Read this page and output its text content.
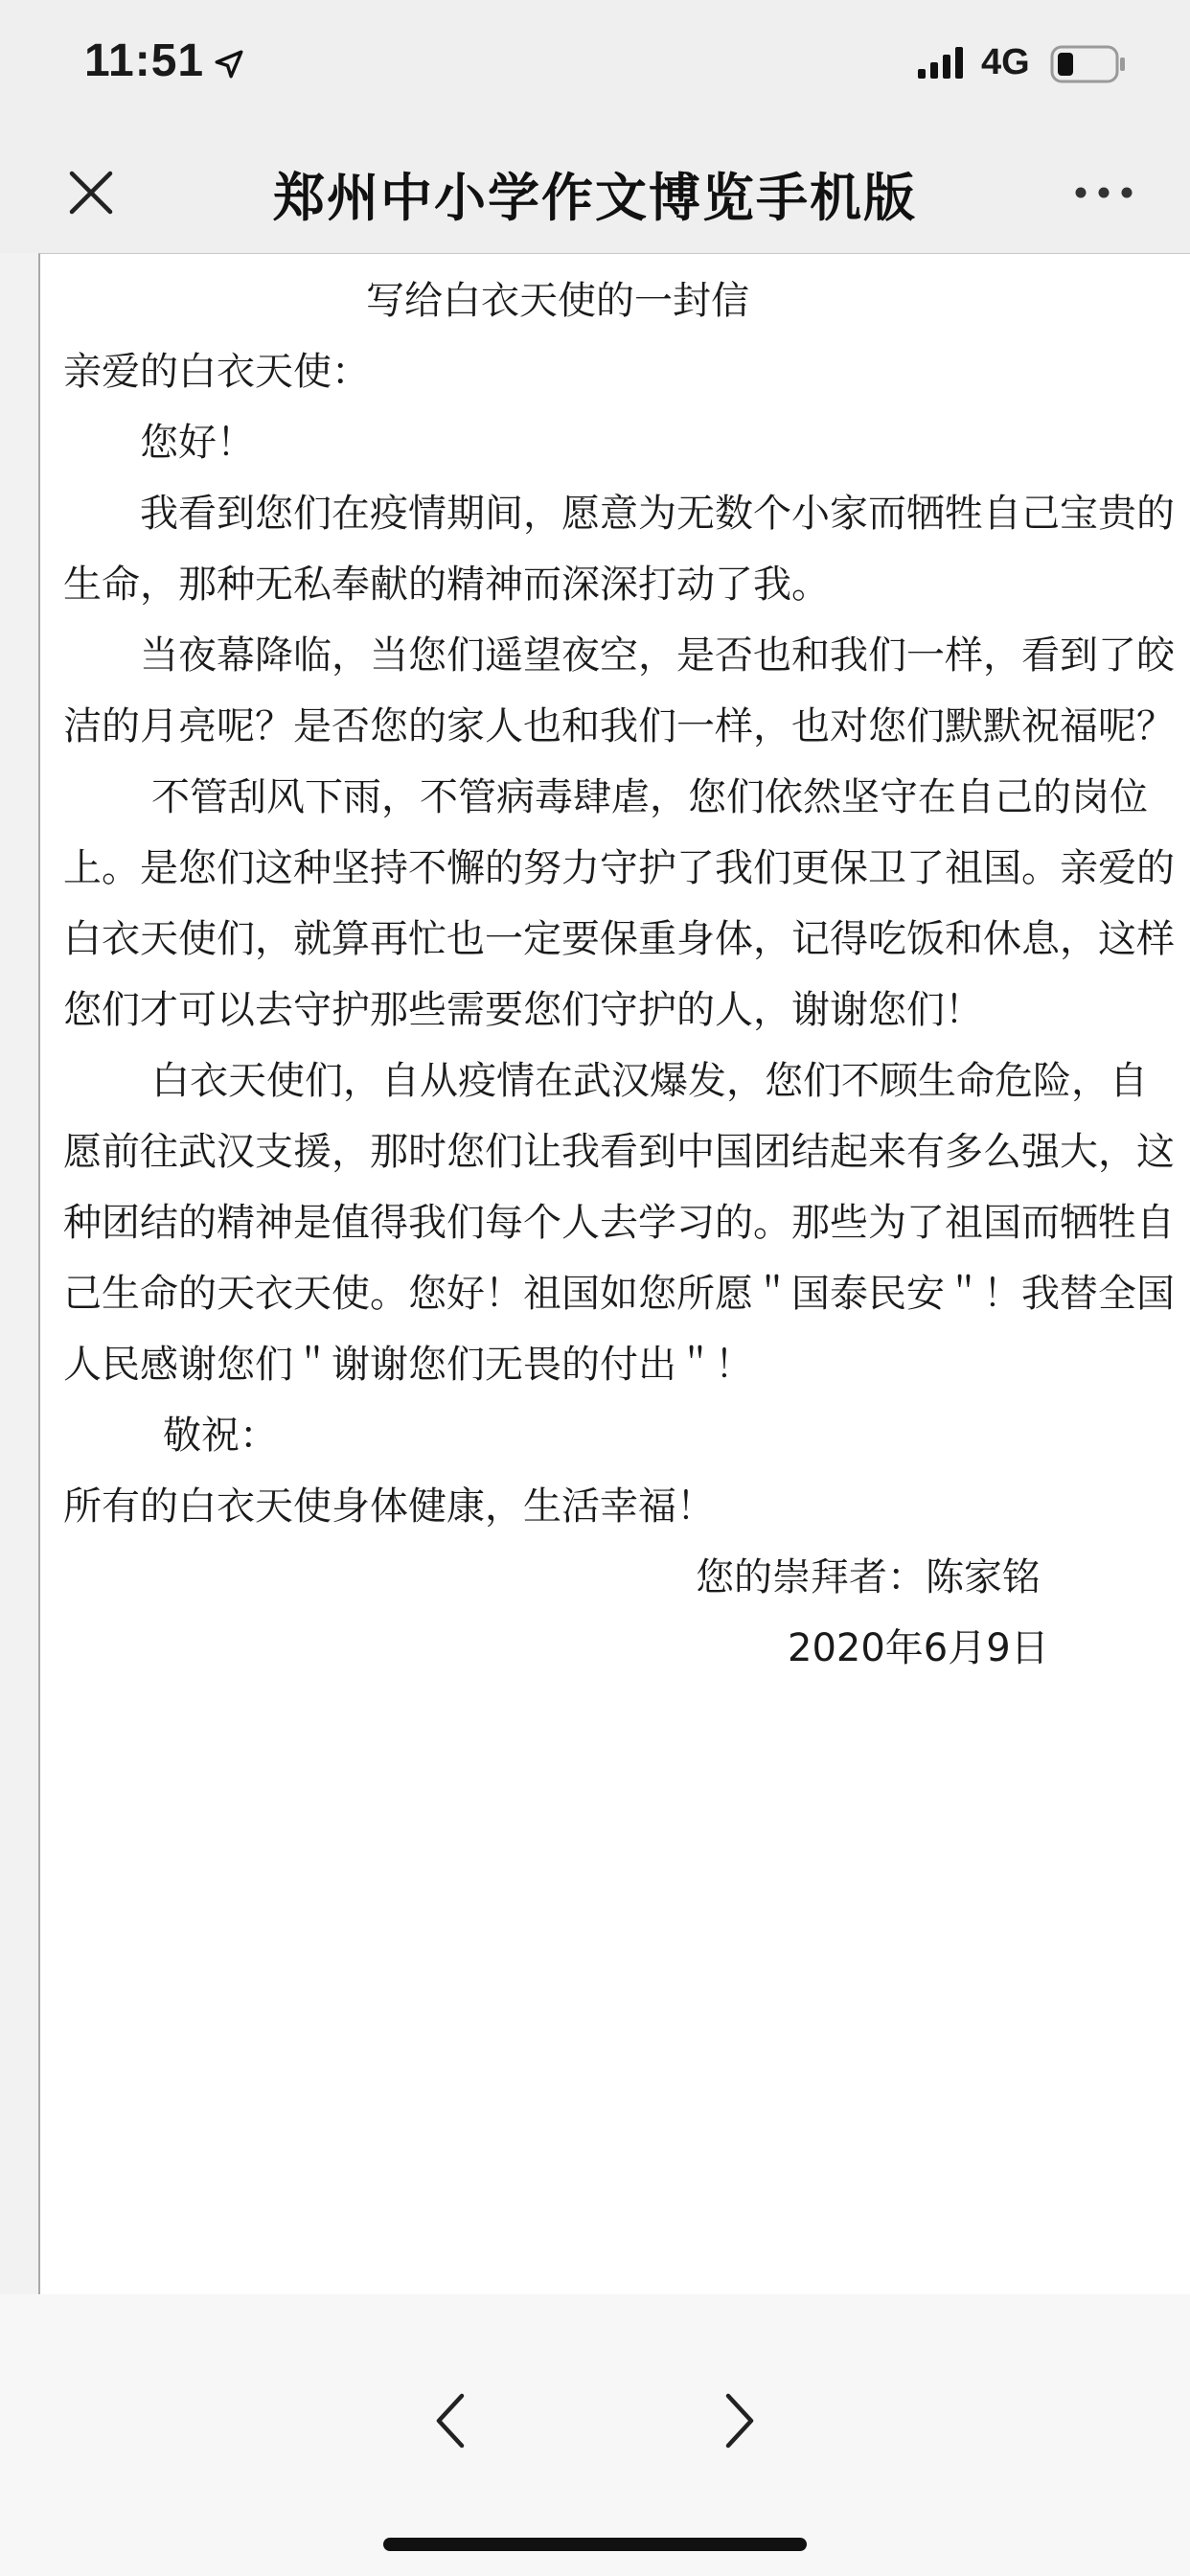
11:51	4G
郑州中小学作文博览手机版
写给白衣天使的一封信
亲爱的白衣天使：
您好！
我看到您们在疫情期间，愿意为无数个小家而牺牲自己宝贵的生命，那种无私奉献的精神而深深打动了我。
当夜幕降临，当您们遥望夜空，是否也和我们一样，看到了皎洁的月亮呢？是否您的家人也和我们一样，也对您们默默祝福呢？
不管刮风下雨，不管病毒肆虐，您们依然坚守在自己的岗位上。是您们这种坚持不懈的努力守护了我们更保卫了祖国。亲爱的白衣天使们，就算再忙也一定要保重身体，记得吃饭和休息，这样您们才可以去守护那些需要您们守护的人，谢谢您们！
白衣天使们，自从疫情在武汉爆发，您们不顾生命危险，自愿前往武汉支援，那时您们让我看到中国团结起来有多么强大，这种团结的精神是值得我们每个人去学习的。那些为了祖国而牺牲自己生命的天衣天使。您好！祖国如您所愿＂国泰民安＂！我替全国人民感谢您们＂谢谢您们无畏的付出＂！
敬祝：
所有的白衣天使身体健康，生活幸福！
您的崇拜者：陈家铭
2020年6月9日
